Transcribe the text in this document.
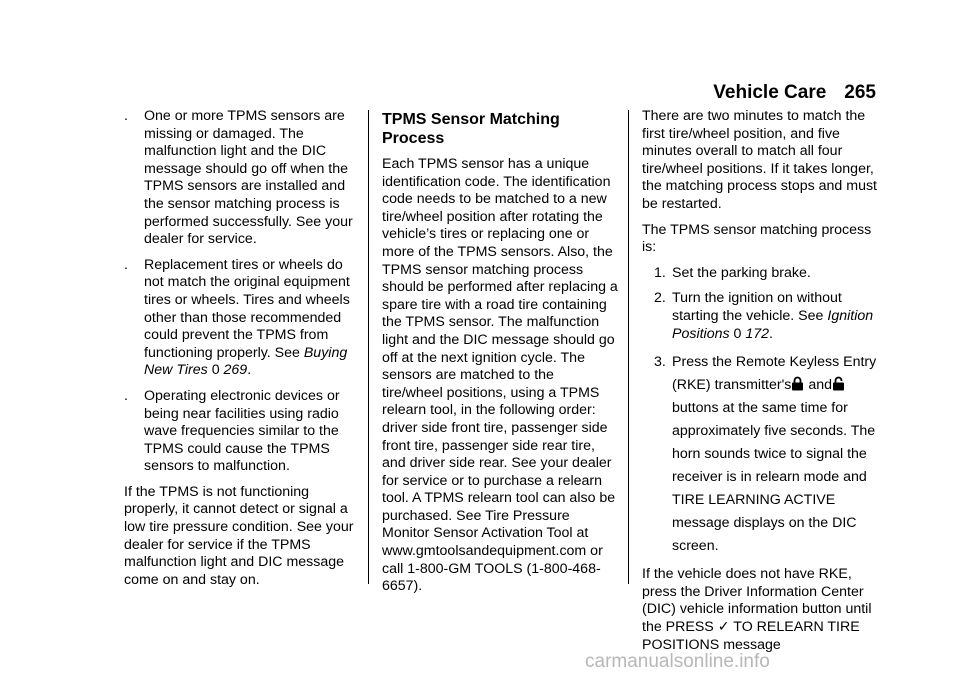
Vehicle Care 265
. One or more TPMS sensors are missing or damaged. The malfunction light and the DIC message should go off when the TPMS sensors are installed and the sensor matching process is performed successfully. See your dealer for service.
. Replacement tires or wheels do not match the original equipment tires or wheels. Tires and wheels other than those recommended could prevent the TPMS from functioning properly. See Buying New Tires 0 269.
. Operating electronic devices or being near facilities using radio wave frequencies similar to the TPMS could cause the TPMS sensors to malfunction.

If the TPMS is not functioning properly, it cannot detect or signal a low tire pressure condition. See your dealer for service if the TPMS malfunction light and DIC message come on and stay on.

TPMS Sensor Matching Process

Each TPMS sensor has a unique identification code. The identification code needs to be matched to a new tire/wheel position after rotating the vehicle’s tires or replacing one or more of the TPMS sensors. Also, the TPMS sensor matching process should be performed after replacing a spare tire with a road tire containing the TPMS sensor. The malfunction light and the DIC message should go off at the next ignition cycle. The sensors are matched to the tire/wheel positions, using a TPMS relearn tool, in the following order: driver side front tire, passenger side front tire, passenger side rear tire, and driver side rear. See your dealer for service or to purchase a relearn tool. A TPMS relearn tool can also be purchased. See Tire Pressure Monitor Sensor Activation Tool at www.gmtoolsandequipment.com or call 1-800-GM TOOLS (1-800-468-6657).

There are two minutes to match the first tire/wheel position, and five minutes overall to match all four tire/wheel positions. If it takes longer, the matching process stops and must be restarted.

The TPMS sensor matching process is:

1. Set the parking brake.
2. Turn the ignition on without starting the vehicle. See Ignition Positions 0 172.
3. Press the Remote Keyless Entry (RKE) transmitter's and buttons at the same time for approximately five seconds. The horn sounds twice to signal the receiver is in relearn mode and TIRE LEARNING ACTIVE message displays on the DIC screen.

If the vehicle does not have RKE, press the Driver Information Center (DIC) vehicle information button until the PRESS ✓ TO RELEARN TIRE POSITIONS message

carmanualsonline.info
